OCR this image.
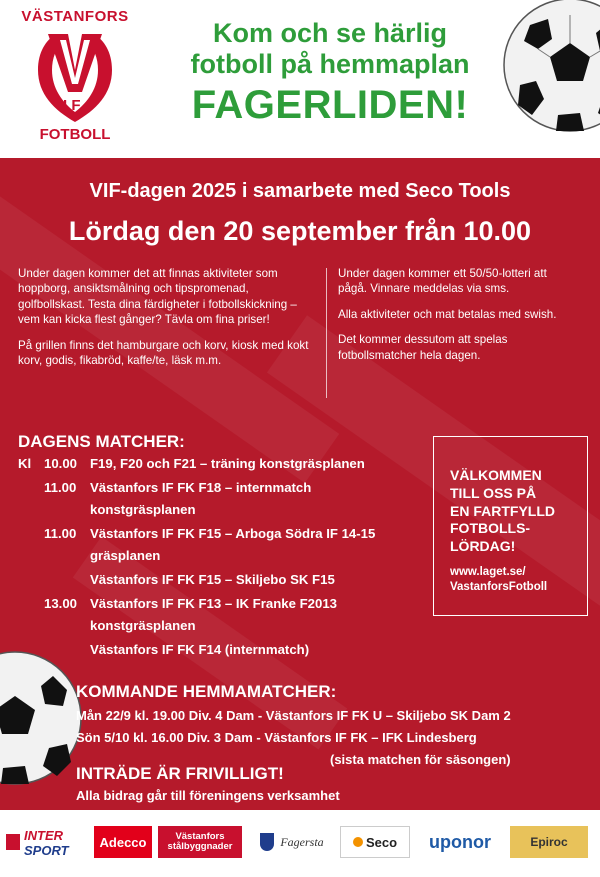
VÄSTANFORS
I F
FOTBOLL
Kom och se härlig
fotboll på hemmaplan
FAGERLIDEN!
VIF-dagen 2025 i samarbete med Seco Tools
Lördag den 20 september från 10.00

Under dagen kommer det att finnas aktiviteter som hoppborg, ansiktsmålning och tipspromenad, golfbollskast. Testa dina färdigheter i fotbollskickning – vem kan kicka flest gånger? Tävla om fina priser!

På grillen finns det hamburgare och korv, kiosk med kokt korv, godis, fikabröd, kaffe/te, läsk m.m.

Under dagen kommer ett 50/50-lotteri att pågå. Vinnare meddelas via sms.

Alla aktiviteter och mat betalas med swish.

Det kommer dessutom att spelas fotbollsmatcher hela dagen.

DAGENS MATCHER:
Kl 10.00 F19, F20 och F21 – träning konstgräsplanen
11.00 Västanfors IF FK F18 – internmatch
konstgräsplanen
11.00 Västanfors IF FK F15 – Arboga Södra IF 14-15
gräsplanen
Västanfors IF FK F15 – Skiljebo SK F15
13.00 Västanfors IF FK F13 – IK Franke F2013
konstgräsplanen
Västanfors IF FK F14 (internmatch)
VÄLKOMMEN
TILL OSS PÅ
EN FARTFYLLD
FOTBOLLS-
LÖRDAG!
www.laget.se/
VastanforsFotboll
KOMMANDE HEMMAMATCHER:
Mån 22/9 kl. 19.00 Div. 4 Dam - Västanfors IF FK U – Skiljebo SK Dam 2
Sön 5/10 kl. 16.00 Div. 3 Dam - Västanfors IF FK – IFK Lindesberg
(sista matchen för säsongen)
INTRÄDE ÄR FRIVILLIGT!
Alla bidrag går till föreningens verksamhet
INTER
SPORT
Adecco	Västanfors stålbyggnader	Fagersta	Seco	uponor	Epiroc
